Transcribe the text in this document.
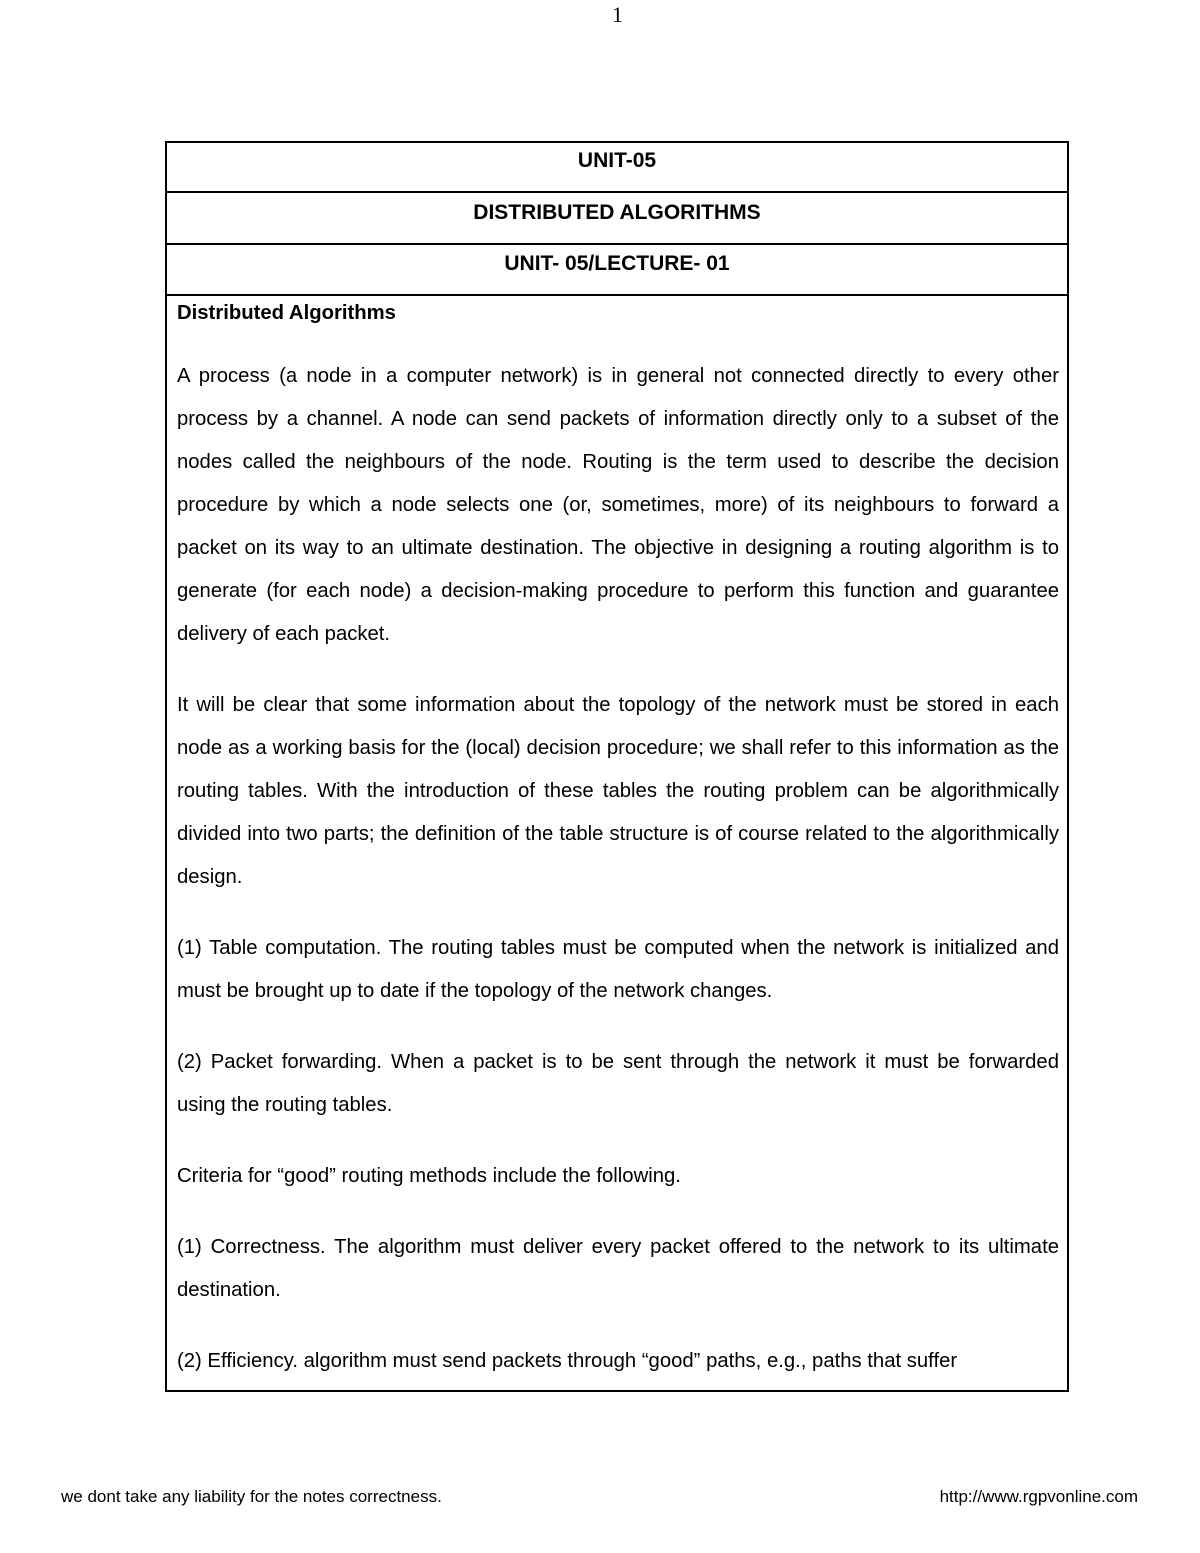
1
UNIT-05
DISTRIBUTED ALGORITHMS
UNIT- 05/LECTURE- 01
Distributed Algorithms

A process (a node in a computer network) is in general not connected directly to every other process by a channel. A node can send packets of information directly only to a subset of the nodes called the neighbours of the node. Routing is the term used to describe the decision procedure by which a node selects one (or, sometimes, more) of its neighbours to forward a packet on its way to an ultimate destination. The objective in designing a routing algorithm is to generate (for each node) a decision-making procedure to perform this function and guarantee delivery of each packet.

It will be clear that some information about the topology of the network must be stored in each node as a working basis for the (local) decision procedure; we shall refer to this information as the routing tables. With the introduction of these tables the routing problem can be algorithmically divided into two parts; the definition of the table structure is of course related to the algorithmically design.

(1) Table computation. The routing tables must be computed when the network is initialized and must be brought up to date if the topology of the network changes.

(2) Packet forwarding. When a packet is to be sent through the network it must be forwarded using the routing tables.

Criteria for “good” routing methods include the following.

(1) Correctness. The algorithm must deliver every packet offered to the network to its ultimate destination.

(2) Efficiency. algorithm must send packets through “good” paths, e.g., paths that suffer

we dont take any liability for the notes correctness.	http://www.rgpvonline.com
